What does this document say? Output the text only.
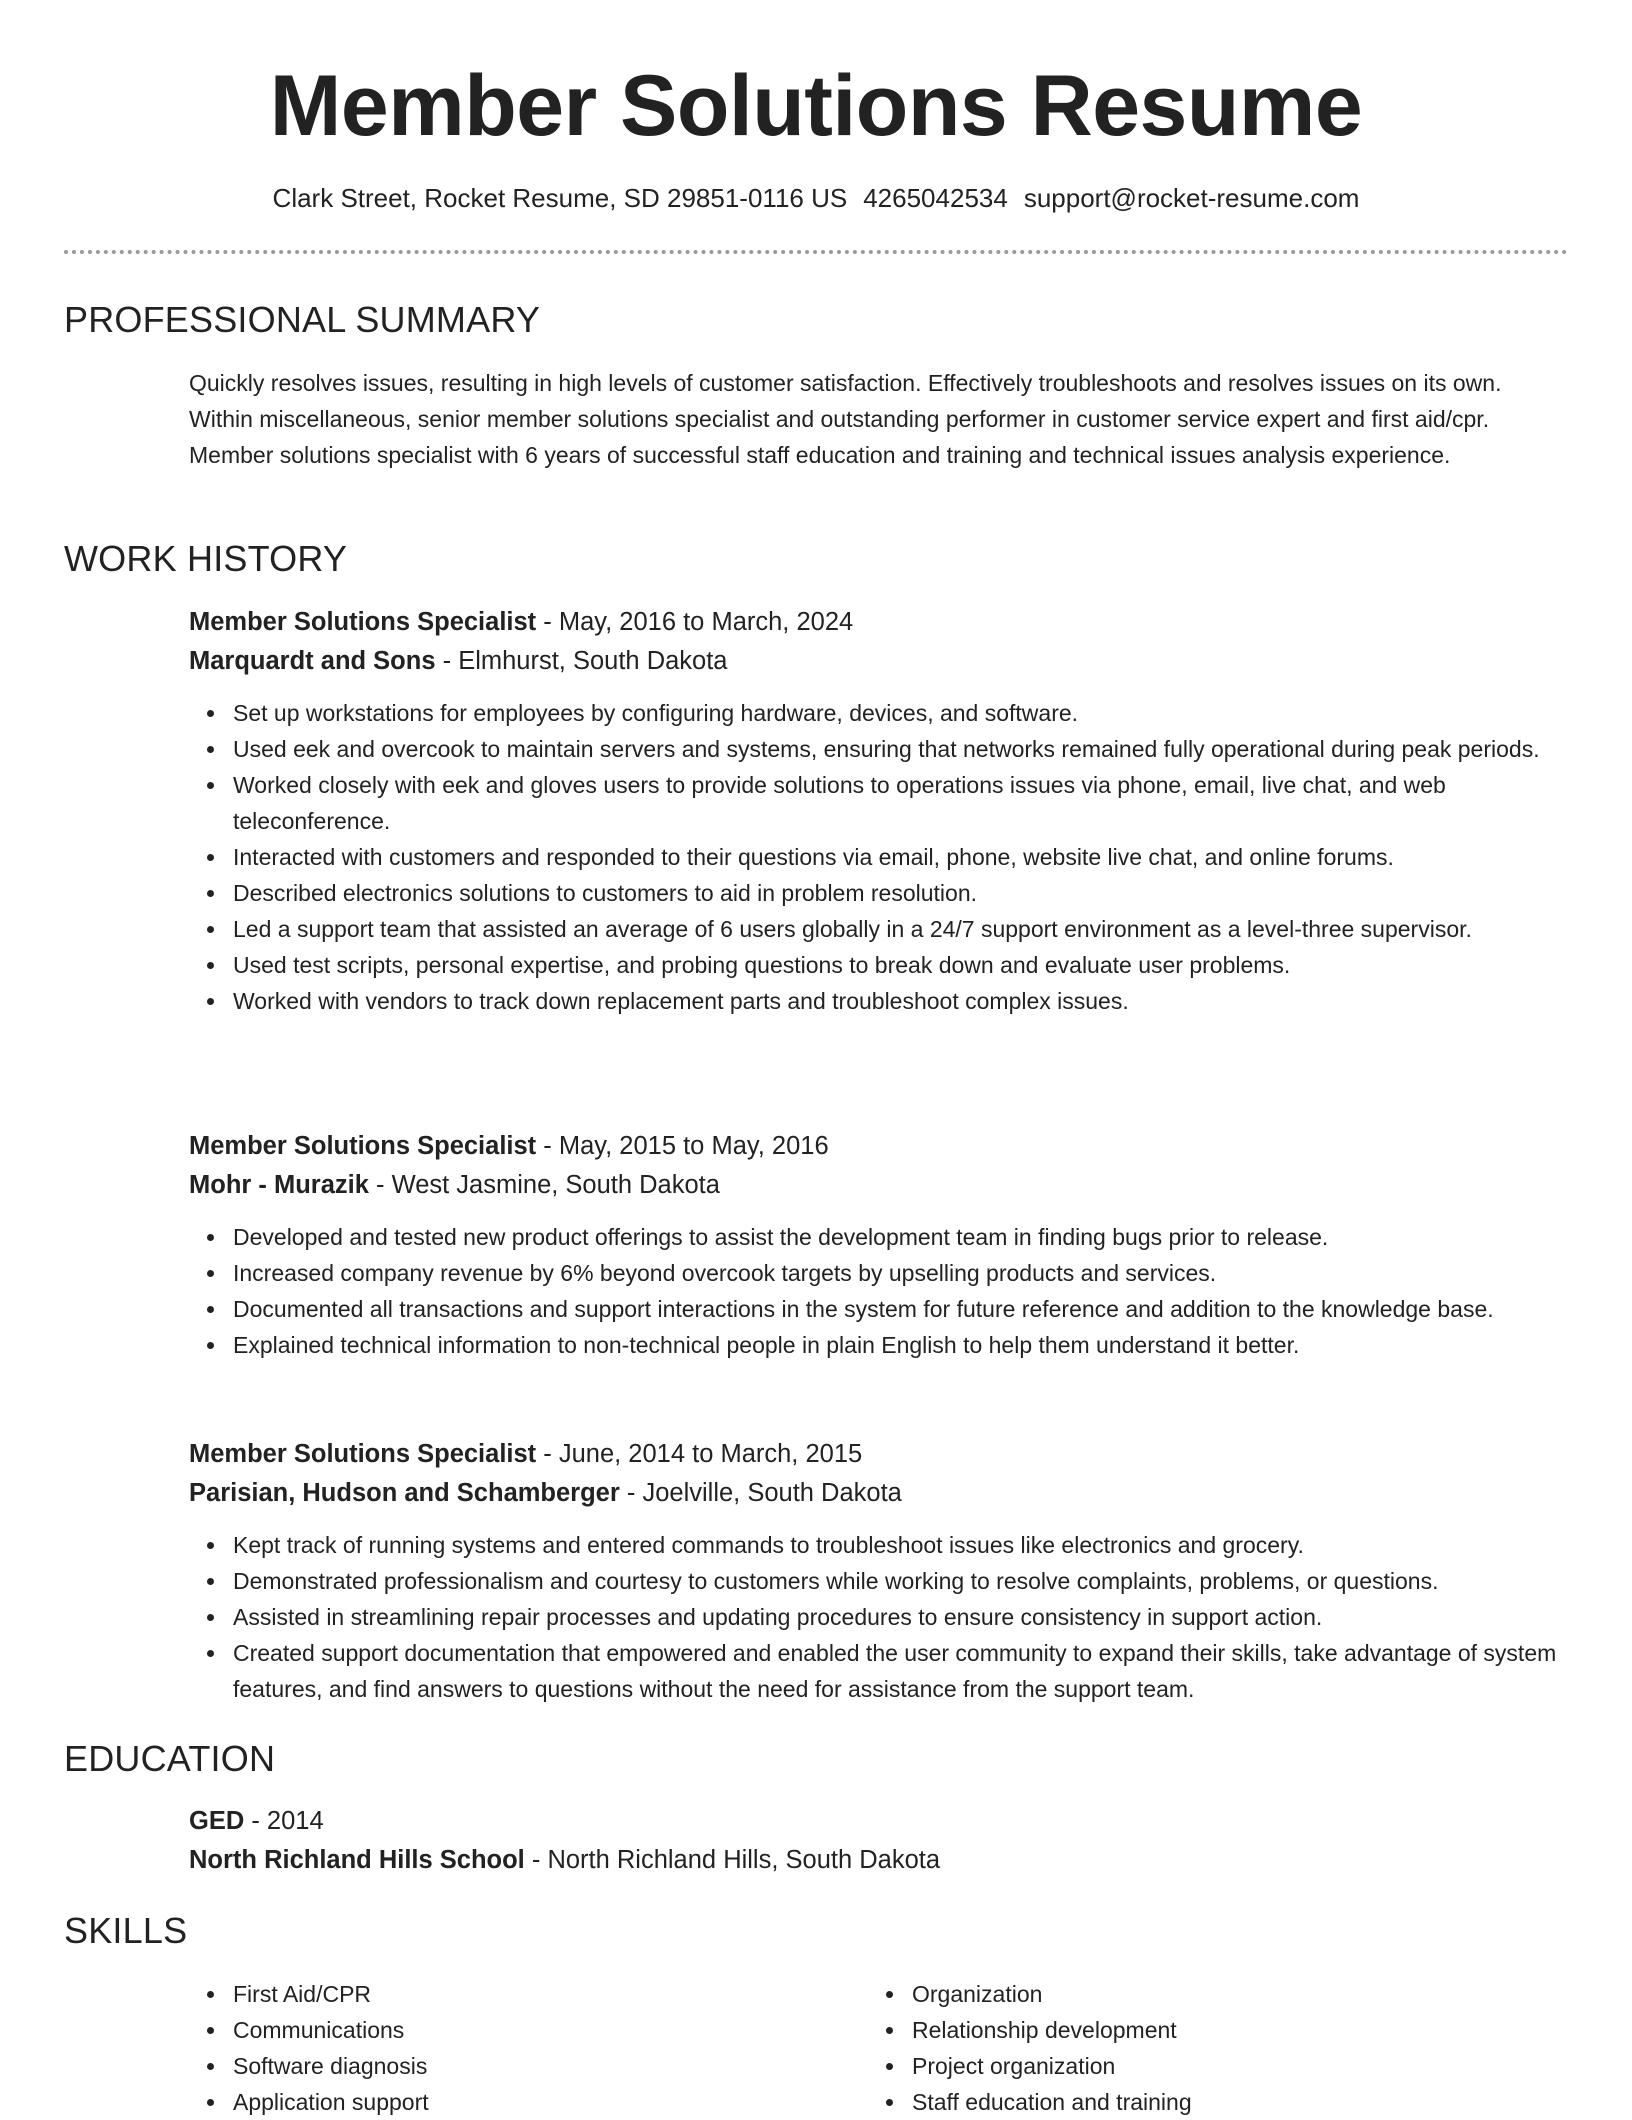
Member Solutions Resume
Clark Street, Rocket Resume, SD 29851-0116 US 4265042534 support@rocket-resume.com
PROFESSIONAL SUMMARY

Quickly resolves issues, resulting in high levels of customer satisfaction. Effectively troubleshoots and resolves issues on its own. Within miscellaneous, senior member solutions specialist and outstanding performer in customer service expert and first aid/cpr. Member solutions specialist with 6 years of successful staff education and training and technical issues analysis experience.

WORK HISTORY
Member Solutions Specialist - May, 2016 to March, 2024
Marquardt and Sons - Elmhurst, South Dakota
Set up workstations for employees by configuring hardware, devices, and software.
Used eek and overcook to maintain servers and systems, ensuring that networks remained fully operational during peak periods.
Worked closely with eek and gloves users to provide solutions to operations issues via phone, email, live chat, and web teleconference.
Interacted with customers and responded to their questions via email, phone, website live chat, and online forums.
Described electronics solutions to customers to aid in problem resolution.
Led a support team that assisted an average of 6 users globally in a 24/7 support environment as a level-three supervisor.
Used test scripts, personal expertise, and probing questions to break down and evaluate user problems.
Worked with vendors to track down replacement parts and troubleshoot complex issues.
Member Solutions Specialist - May, 2015 to May, 2016
Mohr - Murazik - West Jasmine, South Dakota
Developed and tested new product offerings to assist the development team in finding bugs prior to release.
Increased company revenue by 6% beyond overcook targets by upselling products and services.
Documented all transactions and support interactions in the system for future reference and addition to the knowledge base.
Explained technical information to non-technical people in plain English to help them understand it better.
Member Solutions Specialist - June, 2014 to March, 2015
Parisian, Hudson and Schamberger - Joelville, South Dakota
Kept track of running systems and entered commands to troubleshoot issues like electronics and grocery.
Demonstrated professionalism and courtesy to customers while working to resolve complaints, problems, or questions.
Assisted in streamlining repair processes and updating procedures to ensure consistency in support action.
Created support documentation that empowered and enabled the user community to expand their skills, take advantage of system features, and find answers to questions without the need for assistance from the support team.
EDUCATION
GED - 2014
North Richland Hills School - North Richland Hills, South Dakota
SKILLS
First Aid/CPR
Communications
Software diagnosis
Application support
Organization
Relationship development
Project organization
Staff education and training
